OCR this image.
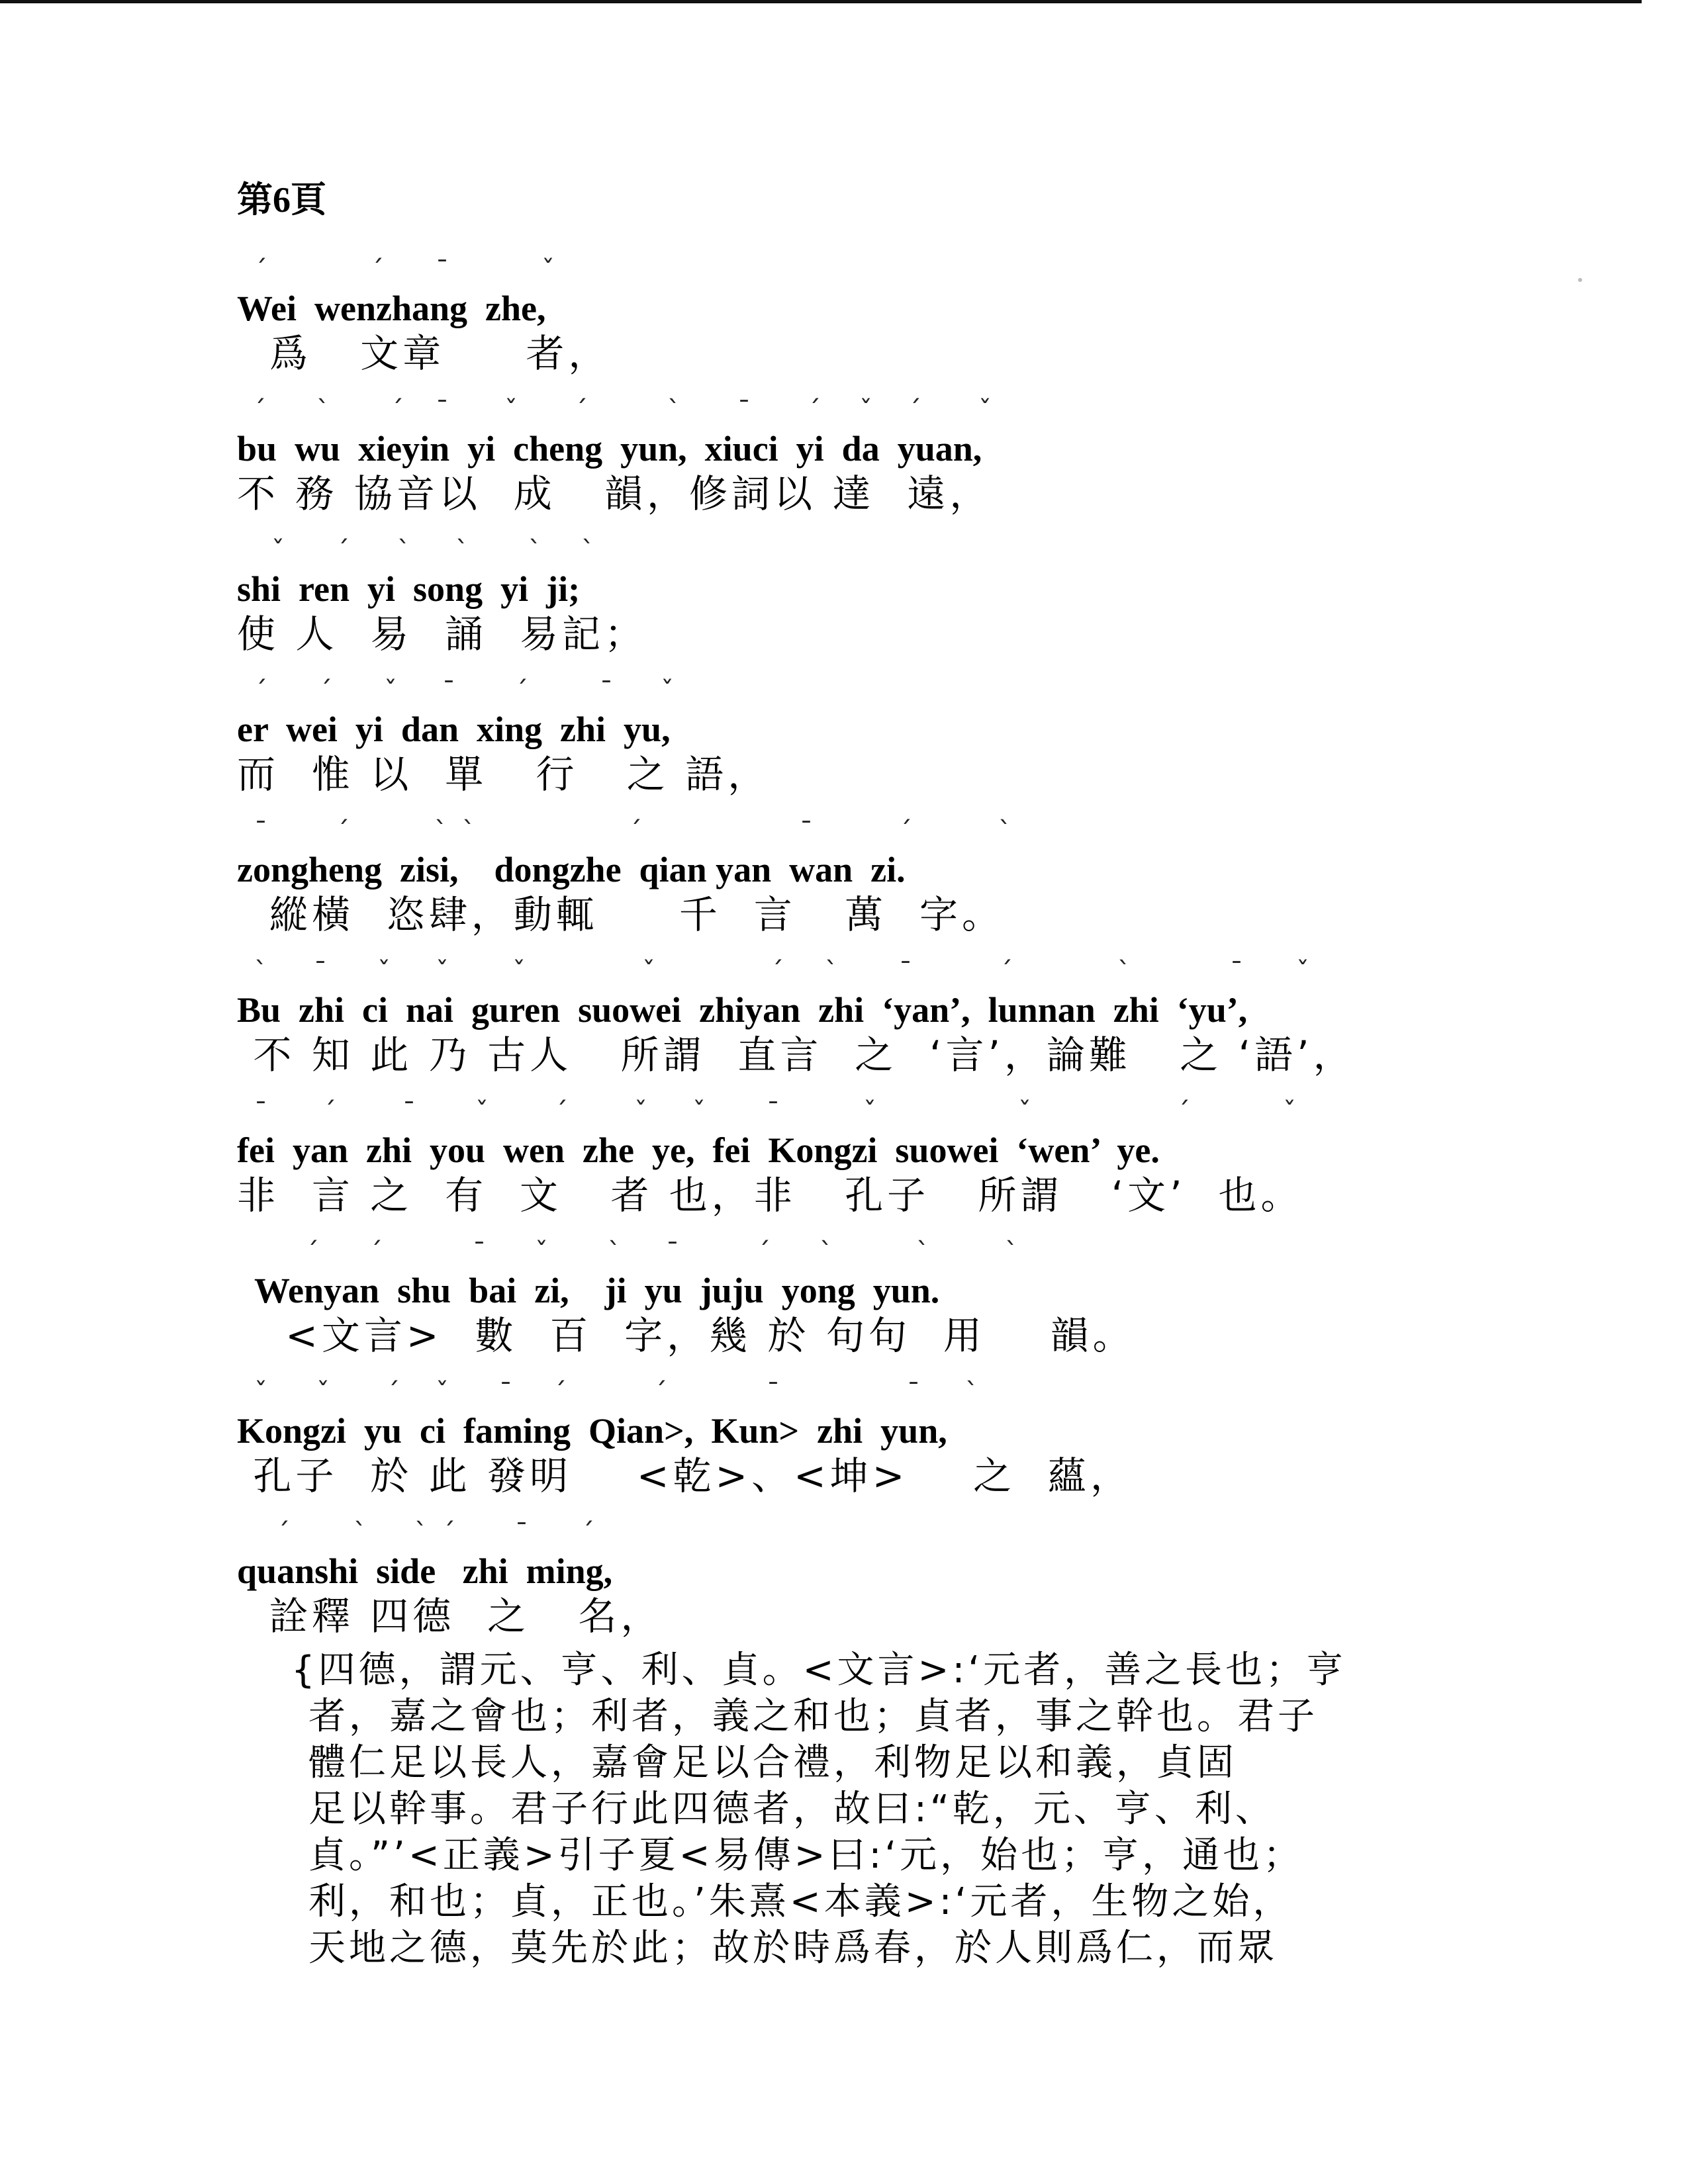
第6頁
ˊ	ˊ ˉ	ˇ
Wei  wenzhang  zhe,
爲   文章     者，
ˊ ˋ ˊ ˉ ˇ ˊ	ˋ ˉ ˊ ˇ ˊ ˇ
bu  wu  xieyin  yi  cheng  yun,  xiuci  yi  da  yuan,
不 務 協音以  成   韻，修詞以 達  遠，
ˇ ˊ ˋ ˋ ˋ ˋ
shi  ren  yi  song  yi  ji;
使 人  易  誦  易記；
ˊ ˊ ˇ ˉ ˊ	ˉ ˇ
er  wei  yi  dan  xing  zhi  yu,
而  惟 以  單   行   之 語，
ˉ	ˊ	ˋ ˋ	ˊ	ˉ	ˊ	ˋ
zongheng  zisi,    dongzhe  qian yan  wan  zi.
縱橫  恣肆，動輒     千  言   萬  字。
ˋ ˉ ˇ ˇ ˇ	ˇ	ˊ ˋ ˉ	ˊ	ˋ	ˉ ˇ
Bu  zhi  ci  nai  guren  suowei  zhiyan  zhi  ‘yan’,  lunnan  zhi  ‘yu’,
不 知 此 乃 古人   所謂  直言  之  ‘言’，論難   之 ‘語’，
ˉ ˊ	ˉ ˇ	ˊ	ˇ ˇ ˉ	ˇ	ˇ	ˊ	ˇ
fei  yan  zhi  you  wen  zhe  ye,  fei  Kongzi  suowei  ‘wen’  ye.
非  言 之  有  文   者 也，非   孔子   所謂   ‘文’  也。
ˊ ˊ	ˉ ˇ ˋ ˉ	ˊ ˋ	ˋ	ˋ
Wenyan  shu  bai  zi,    ji  yu  juju  yong  yun.
<文言>  數  百  字，幾 於 句句  用    韻。
ˇ ˇ ˊ ˇ ˉ ˊ	ˊ	ˉ	ˉ ˋ
Kongzi  yu  ci  faming  Qian>,  Kun>  zhi  yun,
孔子  於 此 發明    <乾>、<坤>    之  蘊，
ˊ ˋ ˋ ˊ ˉ ˊ
quanshi  side   zhi  ming,
詮釋 四德  之   名，
{四德，謂元、亨、利、貞。<文言>:‘元者，善之長也；亨
者，嘉之會也；利者，義之和也；貞者，事之幹也。君子
體仁足以長人，嘉會足以合禮，利物足以和義，貞固
足以幹事。君子行此四德者，故曰:“乾，元、亨、利、
貞。”’<正義>引子夏<易傳>曰:‘元，始也；亨，通也；
利，和也；貞，正也。’朱熹<本義>:‘元者，生物之始，
天地之德，莫先於此；故於時爲春，於人則爲仁，而眾
